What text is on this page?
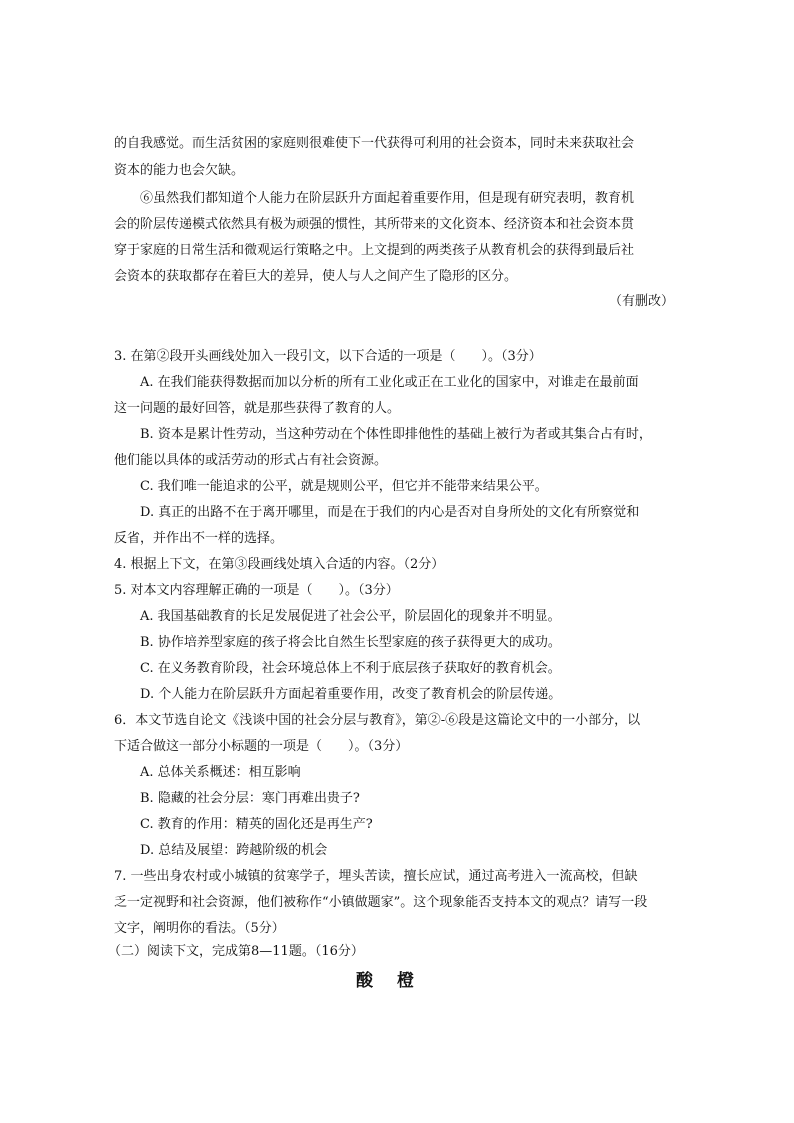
的自我感觉。而生活贫困的家庭则很难使下一代获得可利用的社会资本，同时未来获取社会
资本的能力也会欠缺。
⑥虽然我们都知道个人能力在阶层跃升方面起着重要作用，但是现有研究表明，教育机
会的阶层传递模式依然具有极为顽强的惯性，其所带来的文化资本、经济资本和社会资本贯
穿于家庭的日常生活和微观运行策略之中。上文提到的两类孩子从教育机会的获得到最后社
会资本的获取都存在着巨大的差异，使人与人之间产生了隐形的区分。
（有删改）
3. 在第②段开头画线处加入一段引文，以下合适的一项是（　　）。（3分）
A. 在我们能获得数据而加以分析的所有工业化或正在工业化的国家中，对谁走在最前面
这一问题的最好回答，就是那些获得了教育的人。
B. 资本是累计性劳动，当这种劳动在个体性即排他性的基础上被行为者或其集合占有时，
他们能以具体的或活劳动的形式占有社会资源。
C. 我们唯一能追求的公平，就是规则公平，但它并不能带来结果公平。
D. 真正的出路不在于离开哪里，而是在于我们的内心是否对自身所处的文化有所察觉和
反省，并作出不一样的选择。
4. 根据上下文，在第③段画线处填入合适的内容。（2分）
5. 对本文内容理解正确的一项是（　　）。（3分）
A. 我国基础教育的长足发展促进了社会公平，阶层固化的现象并不明显。
B. 协作培养型家庭的孩子将会比自然生长型家庭的孩子获得更大的成功。
C. 在义务教育阶段，社会环境总体上不利于底层孩子获取好的教育机会。
D. 个人能力在阶层跃升方面起着重要作用，改变了教育机会的阶层传递。
6．本文节选自论文《浅谈中国的社会分层与教育》，第②-⑥段是这篇论文中的一小部分，以
下适合做这一部分小标题的一项是（　　）。（3分）
A. 总体关系概述：相互影响
B. 隐藏的社会分层：寒门再难出贵子?
C. 教育的作用：精英的固化还是再生产?
D. 总结及展望：跨越阶级的机会
7. 一些出身农村或小城镇的贫寒学子，埋头苦读，擅长应试，通过高考进入一流高校，但缺
乏一定视野和社会资源，他们被称作“小镇做题家”。这个现象能否支持本文的观点？请写一段
文字，阐明你的看法。（5分）
（二）阅读下文，完成第8—11题。（16分）
酸橙
